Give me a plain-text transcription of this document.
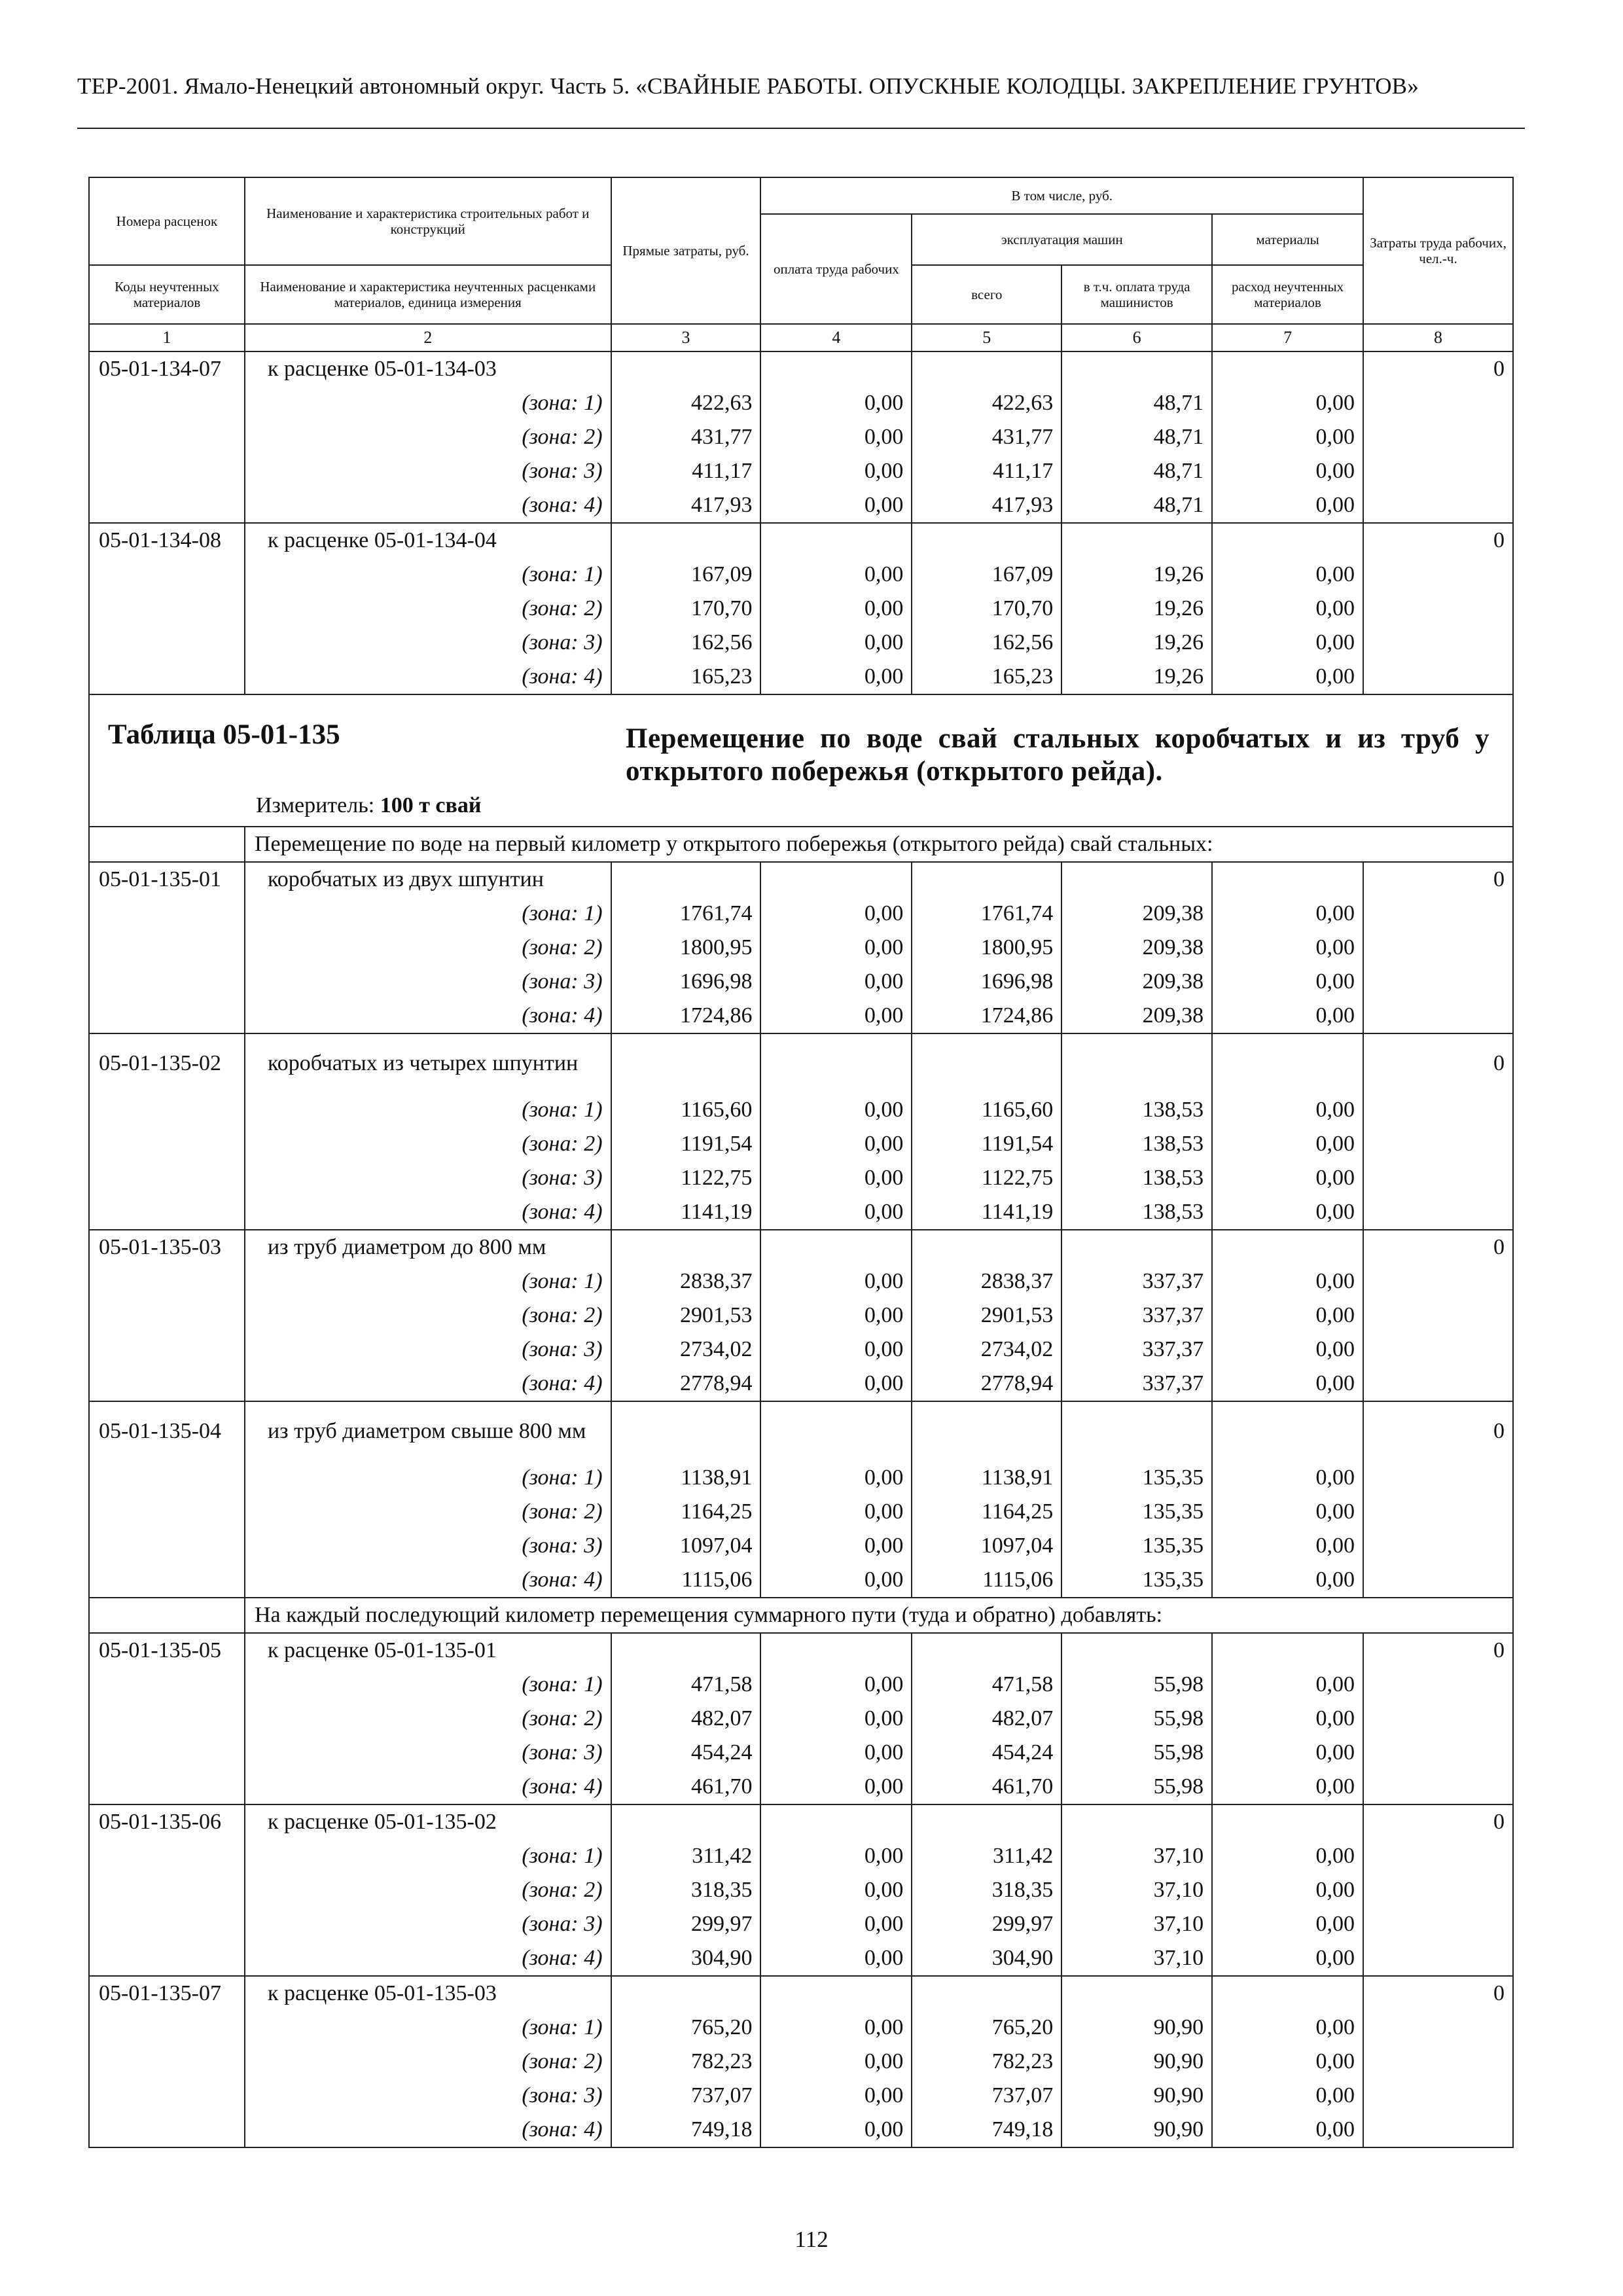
ТЕР-2001. Ямало-Ненецкий автономный округ. Часть 5. «СВАЙНЫЕ РАБОТЫ. ОПУСКНЫЕ КОЛОДЦЫ. ЗАКРЕПЛЕНИЕ ГРУНТОВ»
Номера расценок	Наименование и характеристика строительных работ и конструкций	Прямые затраты, руб.	В том числе, руб.				Затраты труда рабочих, чел.-ч.
			оплата труда рабочих	эксплуатация машин		материалы	
Коды неучтенных материалов	Наименование и характеристика неучтенных расценками материалов, единица измерения			всего	в т.ч. оплата труда машинистов	расход неучтенных материалов	
1	2	3	4	5	6	7	8
05-01-134-07	к расценке 05-01-134-03						0
	(зона: 1)	422,63	0,00	422,63	48,71	0,00	
	(зона: 2)	431,77	0,00	431,77	48,71	0,00	
	(зона: 3)	411,17	0,00	411,17	48,71	0,00	
	(зона: 4)	417,93	0,00	417,93	48,71	0,00	
05-01-134-08	к расценке 05-01-134-04						0
	(зона: 1)	167,09	0,00	167,09	19,26	0,00	
	(зона: 2)	170,70	0,00	170,70	19,26	0,00	
	(зона: 3)	162,56	0,00	162,56	19,26	0,00	
	(зона: 4)	165,23	0,00	165,23	19,26	0,00	

Таблица 05-01-135 Перемещение по воде свай стальных коробчатых и из труб у открытого побережья (открытого рейда).
Измеритель: 100 т свай							

	Перемещение по воде на первый километр у открытого побережья (открытого рейда) свай стальных:						
05-01-135-01	коробчатых из двух шпунтин						0
	(зона: 1)	1761,74	0,00	1761,74	209,38	0,00	
	(зона: 2)	1800,95	0,00	1800,95	209,38	0,00	
	(зона: 3)	1696,98	0,00	1696,98	209,38	0,00	
	(зона: 4)	1724,86	0,00	1724,86	209,38	0,00	
05-01-135-02	коробчатых из четырех шпунтин						0
	(зона: 1)	1165,60	0,00	1165,60	138,53	0,00	
	(зона: 2)	1191,54	0,00	1191,54	138,53	0,00	
	(зона: 3)	1122,75	0,00	1122,75	138,53	0,00	
	(зона: 4)	1141,19	0,00	1141,19	138,53	0,00	
05-01-135-03	из труб диаметром до 800 мм						0
	(зона: 1)	2838,37	0,00	2838,37	337,37	0,00	
	(зона: 2)	2901,53	0,00	2901,53	337,37	0,00	
	(зона: 3)	2734,02	0,00	2734,02	337,37	0,00	
	(зона: 4)	2778,94	0,00	2778,94	337,37	0,00	
05-01-135-04	из труб диаметром свыше 800 мм						0
	(зона: 1)	1138,91	0,00	1138,91	135,35	0,00	
	(зона: 2)	1164,25	0,00	1164,25	135,35	0,00	
	(зона: 3)	1097,04	0,00	1097,04	135,35	0,00	
	(зона: 4)	1115,06	0,00	1115,06	135,35	0,00	
	На каждый последующий километр перемещения суммарного пути (туда и обратно) добавлять:						
05-01-135-05	к расценке 05-01-135-01						0
	(зона: 1)	471,58	0,00	471,58	55,98	0,00	
	(зона: 2)	482,07	0,00	482,07	55,98	0,00	
	(зона: 3)	454,24	0,00	454,24	55,98	0,00	
	(зона: 4)	461,70	0,00	461,70	55,98	0,00	
05-01-135-06	к расценке 05-01-135-02						0
	(зона: 1)	311,42	0,00	311,42	37,10	0,00	
	(зона: 2)	318,35	0,00	318,35	37,10	0,00	
	(зона: 3)	299,97	0,00	299,97	37,10	0,00	
	(зона: 4)	304,90	0,00	304,90	37,10	0,00	
05-01-135-07	к расценке 05-01-135-03						0
	(зона: 1)	765,20	0,00	765,20	90,90	0,00	
	(зона: 2)	782,23	0,00	782,23	90,90	0,00	
	(зона: 3)	737,07	0,00	737,07	90,90	0,00	
	(зона: 4)	749,18	0,00	749,18	90,90	0,00	
112
